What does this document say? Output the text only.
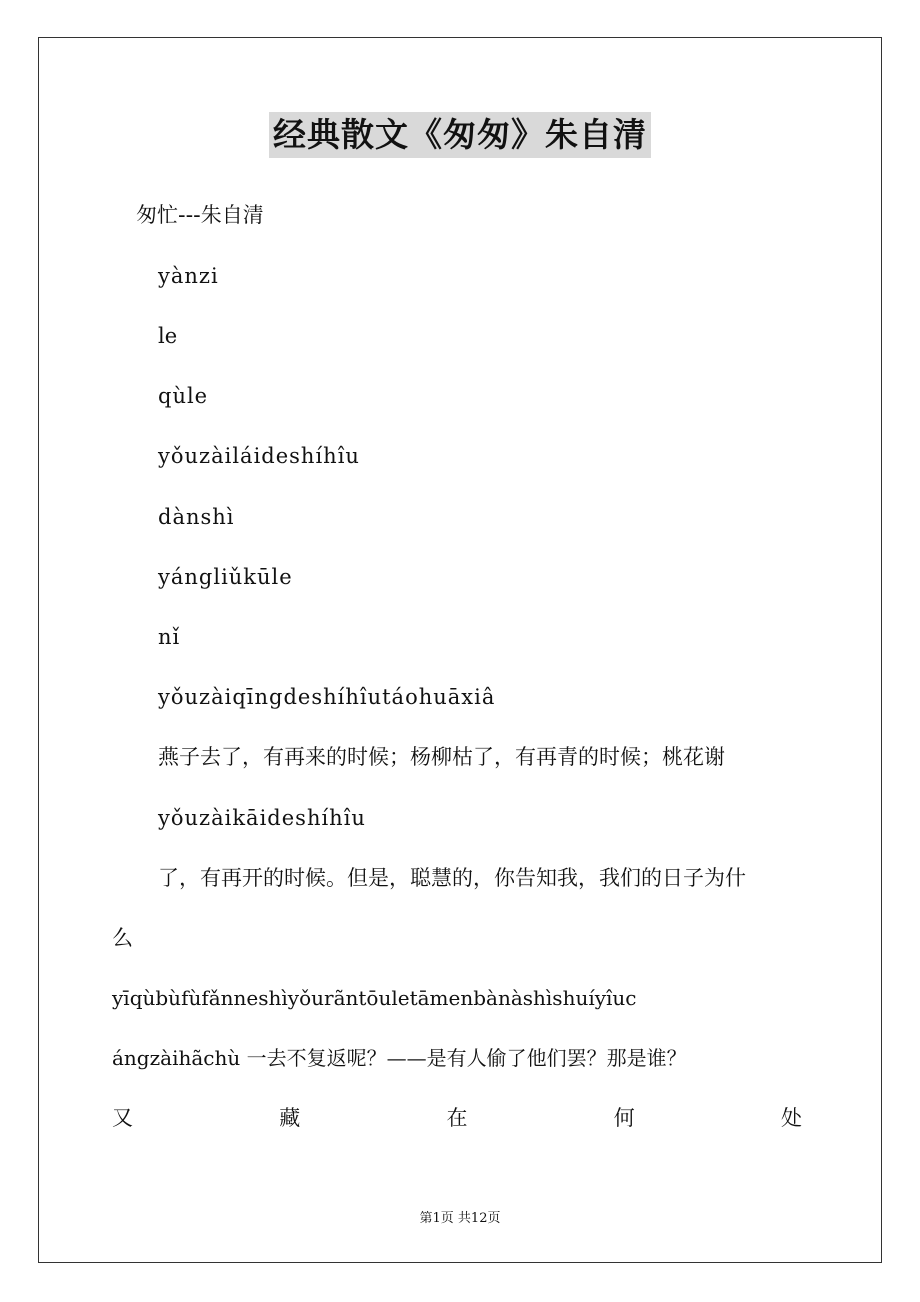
经典散文《匆匆》朱自清
匆忙---朱自清
yànzi
le
qùle
yǒuzàiláideshíhîu
dànshì
yángliǔkūle
nǐ
yǒuzàiqīngdeshíhîutáohuāxiâ
燕子去了，有再来的时候；杨柳枯了，有再青的时候；桃花谢
yǒuzàikāideshíhîu
了，有再开的时候。但是，聪慧的，你告知我，我们的日子为什
么
yīqùbùfùfǎnneshìyǒurãntōuletāmenbànàshìshuíyîuc
ángzàihãchù 一去不复返呢？——是有人偷了他们罢？那是谁？
又	藏	在	何	处
第1页 共12页
